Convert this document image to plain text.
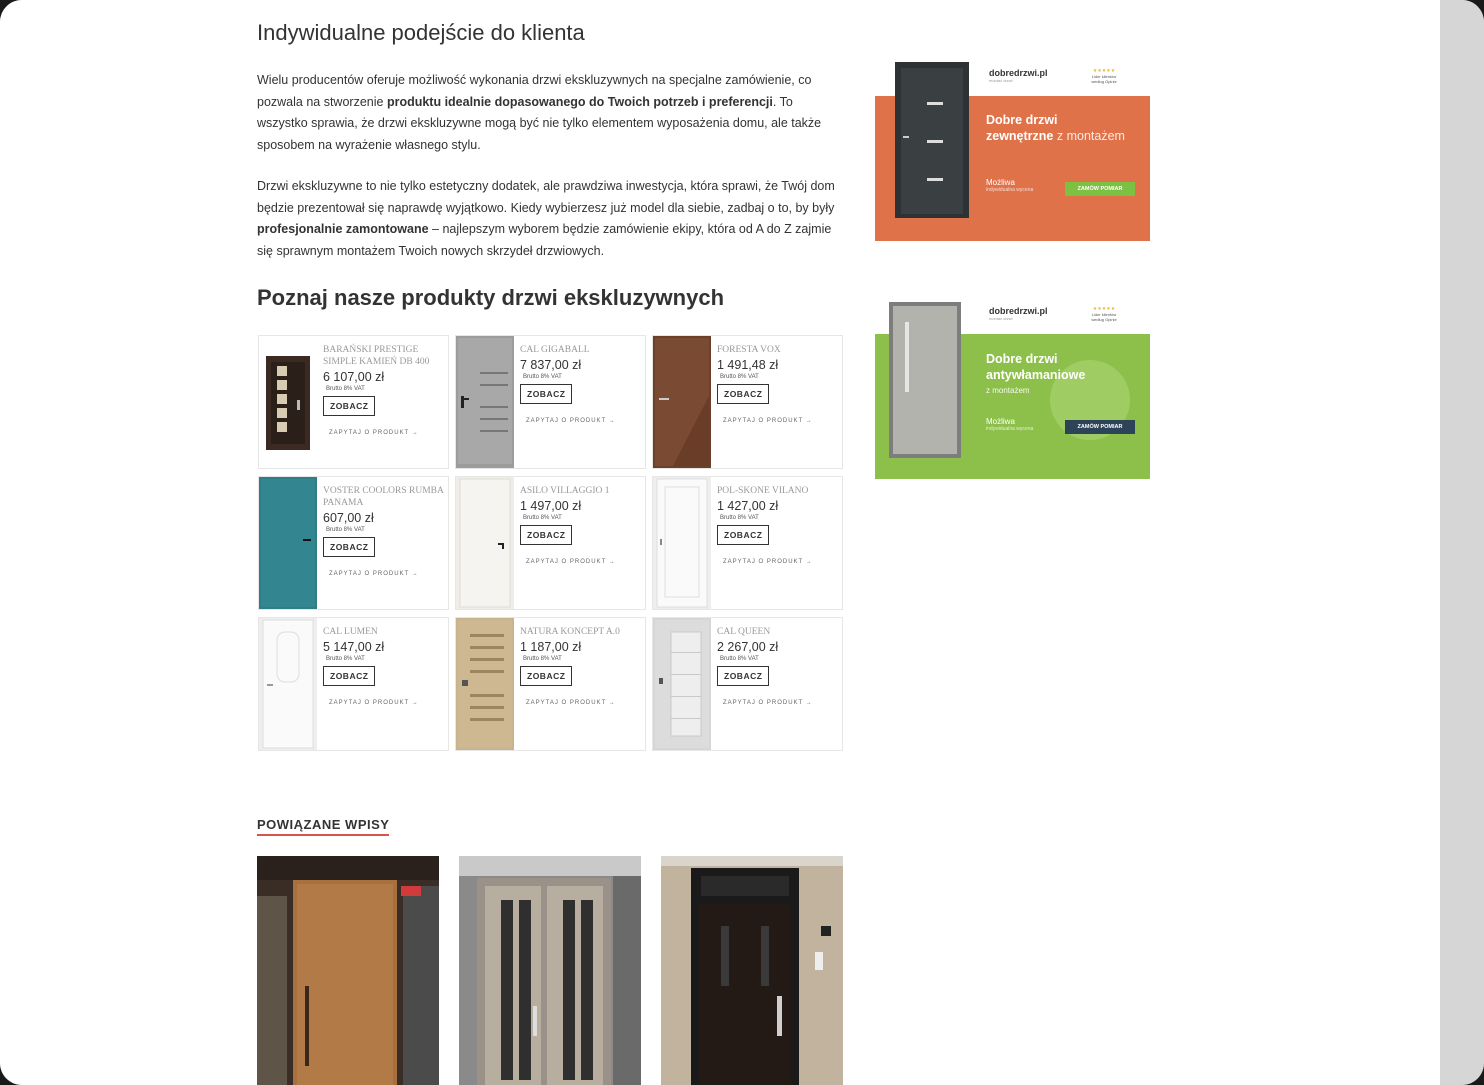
Indywidualne podejście do klienta

Wielu producentów oferuje możliwość wykonania drzwi ekskluzywnych na specjalne zamówienie, co pozwala na stworzenie produktu idealnie dopasowanego do Twoich potrzeb i preferencji. To wszystko sprawia, że drzwi ekskluzywne mogą być nie tylko elementem wyposażenia domu, ale także sposobem na wyrażenie własnego stylu.

Drzwi ekskluzywne to nie tylko estetyczny dodatek, ale prawdziwa inwestycja, która sprawi, że Twój dom będzie prezentował się naprawdę wyjątkowo. Kiedy wybierzesz już model dla siebie, zadbaj o to, by były profesjonalnie zamontowane – najlepszym wyborem będzie zamówienie ekipy, która od A do Z zajmie się sprawnym montażem Twoich nowych skrzydeł drzwiowych.

Poznaj nasze produkty drzwi ekskluzywnych
BARAŃSKI PRESTIGE SIMPLE KAMIEŃ DB 400
6 107,00 zł
Brutto 8% VAT
ZOBACZ
ZAPYTAJ O PRODUKT →
CAL GIGABALL
7 837,00 zł
Brutto 8% VAT
ZOBACZ
ZAPYTAJ O PRODUKT →
FORESTA VOX
1 491,48 zł
Brutto 8% VAT
ZOBACZ
ZAPYTAJ O PRODUKT →
VOSTER COOLORS RUMBA PANAMA
607,00 zł
Brutto 8% VAT
ZOBACZ
ZAPYTAJ O PRODUKT →
ASILO VILLAGGIO 1
1 497,00 zł
Brutto 8% VAT
ZOBACZ
ZAPYTAJ O PRODUKT →
POL-SKONE VILANO
1 427,00 zł
Brutto 8% VAT
ZOBACZ
ZAPYTAJ O PRODUKT →
CAL LUMEN
5 147,00 zł
Brutto 8% VAT
ZOBACZ
ZAPYTAJ O PRODUKT →
NATURA KONCEPT A.0
1 187,00 zł
Brutto 8% VAT
ZOBACZ
ZAPYTAJ O PRODUKT →
CAL QUEEN
2 267,00 zł
Brutto 8% VAT
ZOBACZ
ZAPYTAJ O PRODUKT →
POWIĄZANE WPISY
dobredrzwi.pl
montaż drzwi
★★★★★
Lider klientów według Opinie
Dobre drzwi
zewnętrzne z montażem
Możliwa
indywidualna wycena	ZAMÓW POMIAR
dobredrzwi.pl
montaż drzwi
★★★★★
Lider klientów według Opinie
Dobre drzwi
antywłamaniowe
z montażem
Możliwa
indywidualna wycena	ZAMÓW POMIAR
